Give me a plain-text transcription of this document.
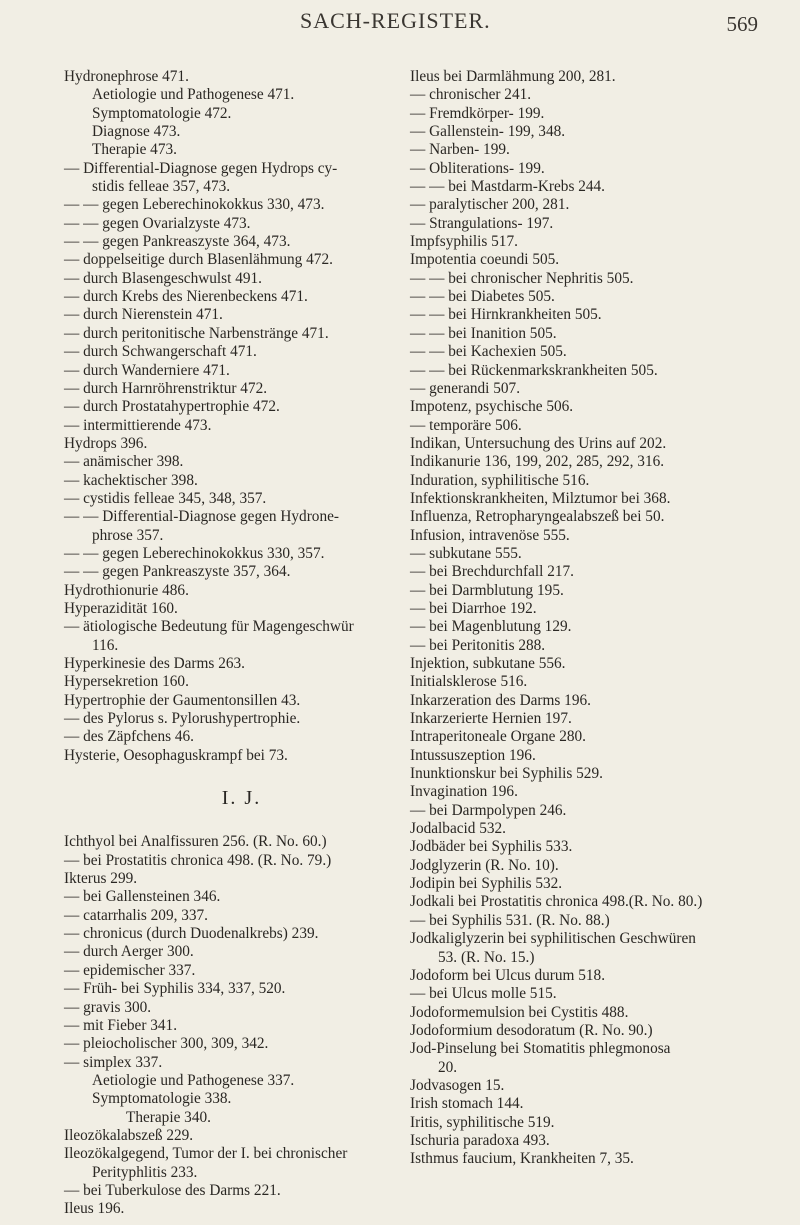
SACH-REGISTER.	569
Hydronephrose 471.
Aetiologie und Pathogenese 471.
Symptomatologie 472.
Diagnose 473.
Therapie 473.
— Differential-Diagnose gegen Hydrops cy-
stidis felleae 357, 473.
— — gegen Leberechinokokkus 330, 473.
— — gegen Ovarialzyste 473.
— — gegen Pankreaszyste 364, 473.
— doppelseitige durch Blasenlähmung 472.
— durch Blasengeschwulst 491.
— durch Krebs des Nierenbeckens 471.
— durch Nierenstein 471.
— durch peritonitische Narbenstränge 471.
— durch Schwangerschaft 471.
— durch Wanderniere 471.
— durch Harnröhrenstriktur 472.
— durch Prostatahypertrophie 472.
— intermittierende 473.
Hydrops 396.
— anämischer 398.
— kachektischer 398.
— cystidis felleae 345, 348, 357.
— — Differential-Diagnose gegen Hydrone-
phrose 357.
— — gegen Leberechinokokkus 330, 357.
— — gegen Pankreaszyste 357, 364.
Hydrothionurie 486.
Hyperazidität 160.
— ätiologische Bedeutung für Magengeschwür
116.
Hyperkinesie des Darms 263.
Hypersekretion 160.
Hypertrophie der Gaumentonsillen 43.
— des Pylorus s. Pylorushypertrophie.
— des Zäpfchens 46.
Hysterie, Oesophaguskrampf bei 73.
I. J.
Ichthyol bei Analfissuren 256. (R. No. 60.)
— bei Prostatitis chronica 498. (R. No. 79.)
Ikterus 299.
— bei Gallensteinen 346.
— catarrhalis 209, 337.
— chronicus (durch Duodenalkrebs) 239.
— durch Aerger 300.
— epidemischer 337.
— Früh- bei Syphilis 334, 337, 520.
— gravis 300.
— mit Fieber 341.
— pleiocholischer 300, 309, 342.
— simplex 337.
Aetiologie und Pathogenese 337.
Symptomatologie 338.
Therapie 340.
Ileozökalabszeß 229.
Ileozökalgegend, Tumor der I. bei chronischer
Perityphlitis 233.
— bei Tuberkulose des Darms 221.
Ileus 196.
Ileus bei Darmlähmung 200, 281.
— chronischer 241.
— Fremdkörper- 199.
— Gallenstein- 199, 348.
— Narben- 199.
— Obliterations- 199.
— — bei Mastdarm-Krebs 244.
— paralytischer 200, 281.
— Strangulations- 197.
Impfsyphilis 517.
Impotentia coeundi 505.
— — bei chronischer Nephritis 505.
— — bei Diabetes 505.
— — bei Hirnkrankheiten 505.
— — bei Inanition 505.
— — bei Kachexien 505.
— — bei Rückenmarkskrankheiten 505.
— generandi 507.
Impotenz, psychische 506.
— temporäre 506.
Indikan, Untersuchung des Urins auf 202.
Indikanurie 136, 199, 202, 285, 292, 316.
Induration, syphilitische 516.
Infektionskrankheiten, Milztumor bei 368.
Influenza, Retropharyngealabszeß bei 50.
Infusion, intravenöse 555.
— subkutane 555.
— bei Brechdurchfall 217.
— bei Darmblutung 195.
— bei Diarrhoe 192.
— bei Magenblutung 129.
— bei Peritonitis 288.
Injektion, subkutane 556.
Initialsklerose 516.
Inkarzeration des Darms 196.
Inkarzerierte Hernien 197.
Intraperitoneale Organe 280.
Intussuszeption 196.
Inunktionskur bei Syphilis 529.
Invagination 196.
— bei Darmpolypen 246.
Jodalbacid 532.
Jodbäder bei Syphilis 533.
Jodglyzerin (R. No. 10).
Jodipin bei Syphilis 532.
Jodkali bei Prostatitis chronica 498.(R. No. 80.)
— bei Syphilis 531. (R. No. 88.)
Jodkaliglyzerin bei syphilitischen Geschwüren
53. (R. No. 15.)
Jodoform bei Ulcus durum 518.
— bei Ulcus molle 515.
Jodoformemulsion bei Cystitis 488.
Jodoformium desodoratum (R. No. 90.)
Jod-Pinselung bei Stomatitis phlegmonosa
20.
Jodvasogen 15.
Irish stomach 144.
Iritis, syphilitische 519.
Ischuria paradoxa 493.
Isthmus faucium, Krankheiten 7, 35.
